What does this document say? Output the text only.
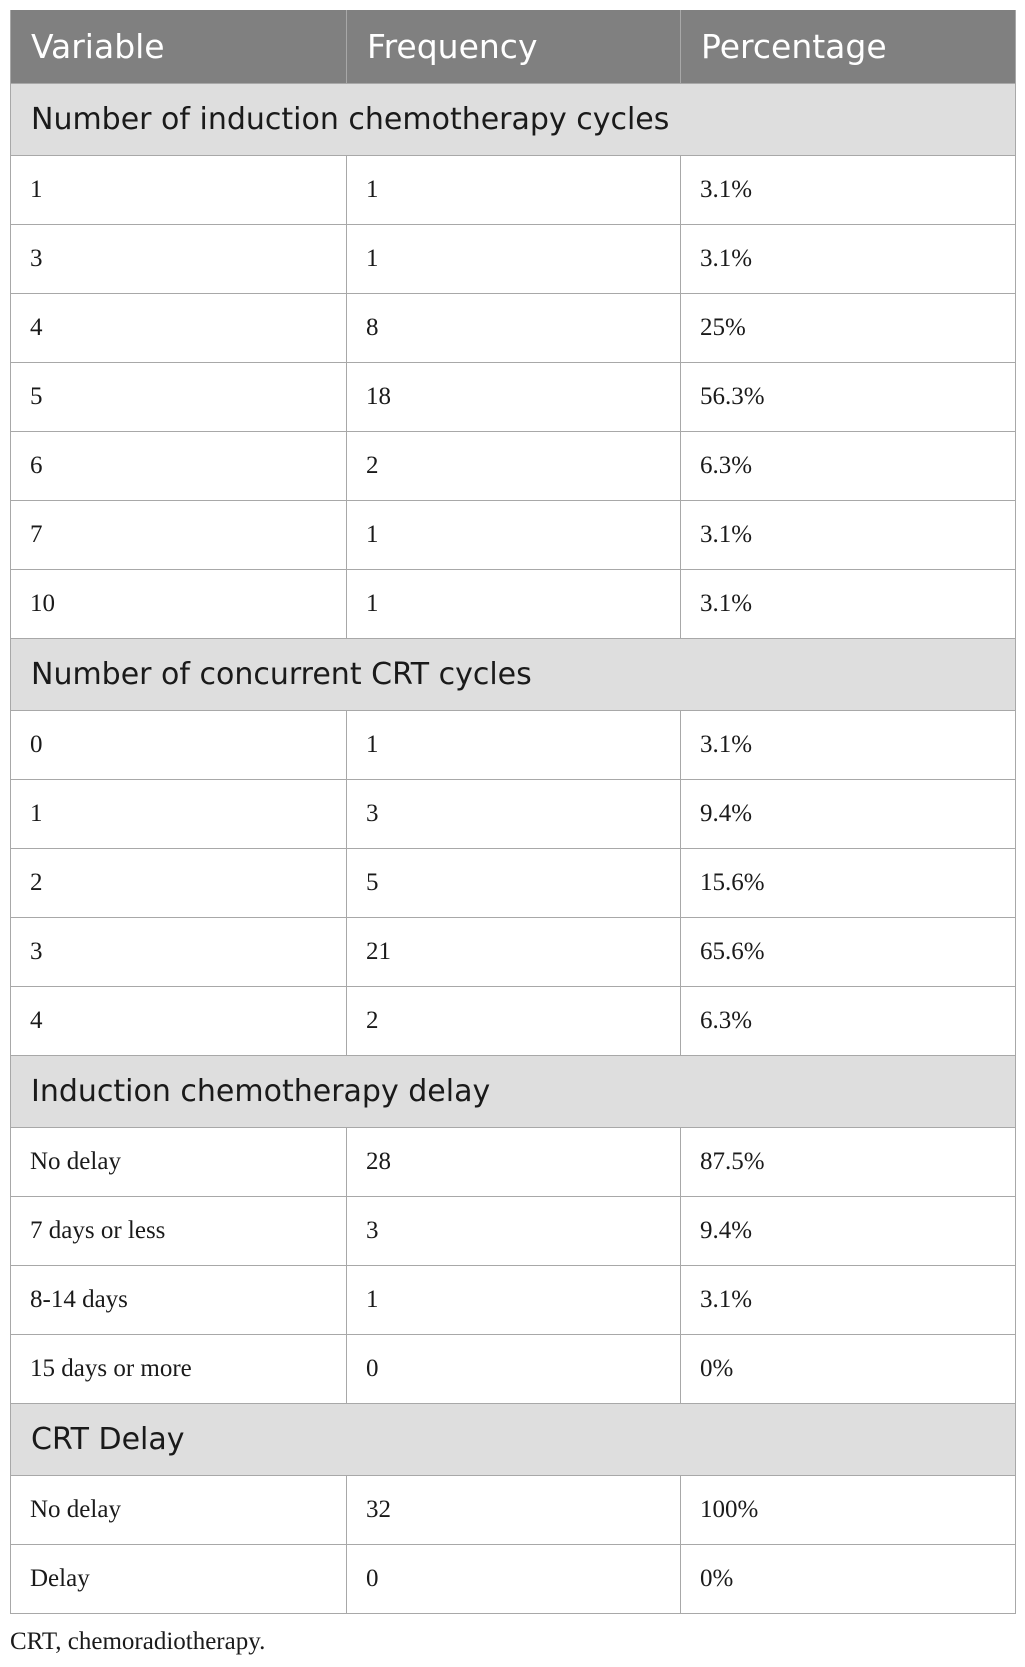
Variable	Frequency	Percentage
Number of induction chemotherapy cycles		
1	1	3.1%
3	1	3.1%
4	8	25%
5	18	56.3%
6	2	6.3%
7	1	3.1%
10	1	3.1%
Number of concurrent CRT cycles		
0	1	3.1%
1	3	9.4%
2	5	15.6%
3	21	65.6%
4	2	6.3%
Induction chemotherapy delay		
No delay	28	87.5%
7 days or less	3	9.4%
8-14 days	1	3.1%
15 days or more	0	0%
CRT Delay		
No delay	32	100%
Delay	0	0%
CRT, chemoradiotherapy.
